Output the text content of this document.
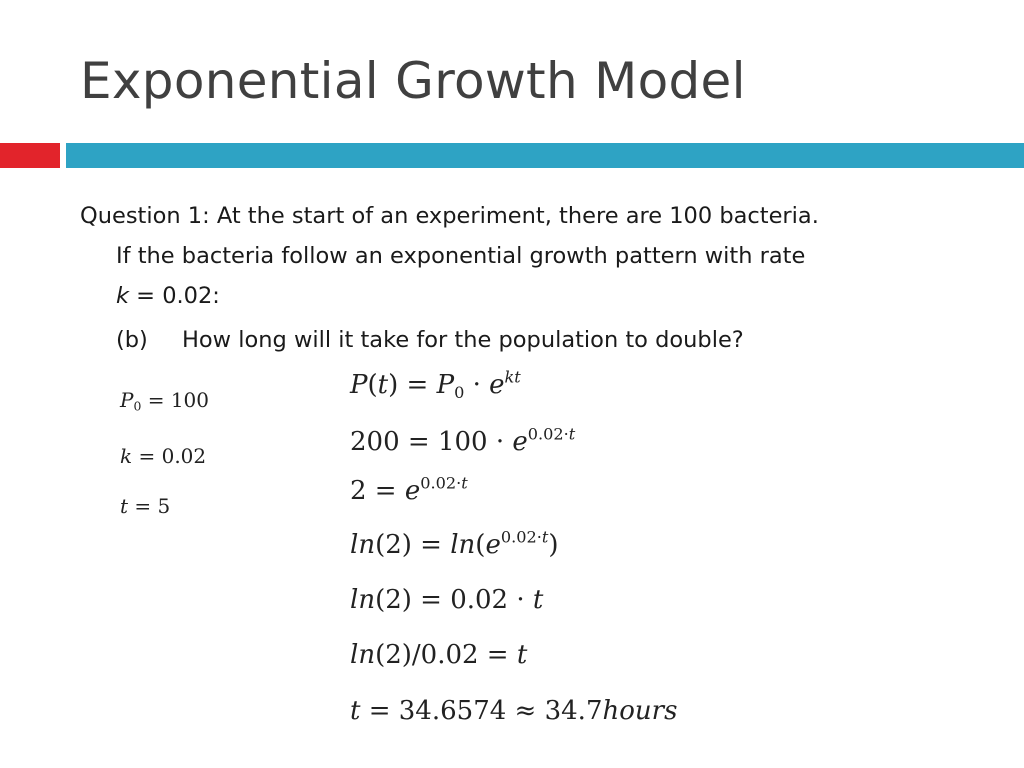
Exponential Growth Model
Question 1: At the start of an experiment, there are 100 bacteria.
If the bacteria follow an exponential growth pattern with rate
k = 0.02:
(b) How long will it take for the population to double?
$P_0 = 100$
k = 0.02
t = 5
$P(t) = P_0 \cdot e^{kt}$
$200 = 100 \cdot e^{0.02\cdot t}$
$2 = e^{0.02\cdot t}$
$\ln(2) = \ln(e^{0.02\cdot t})$
ln(2) = 0.02 · t
ln(2)/0.02 = t
t = 34.6574 ≈ 34.7hours
